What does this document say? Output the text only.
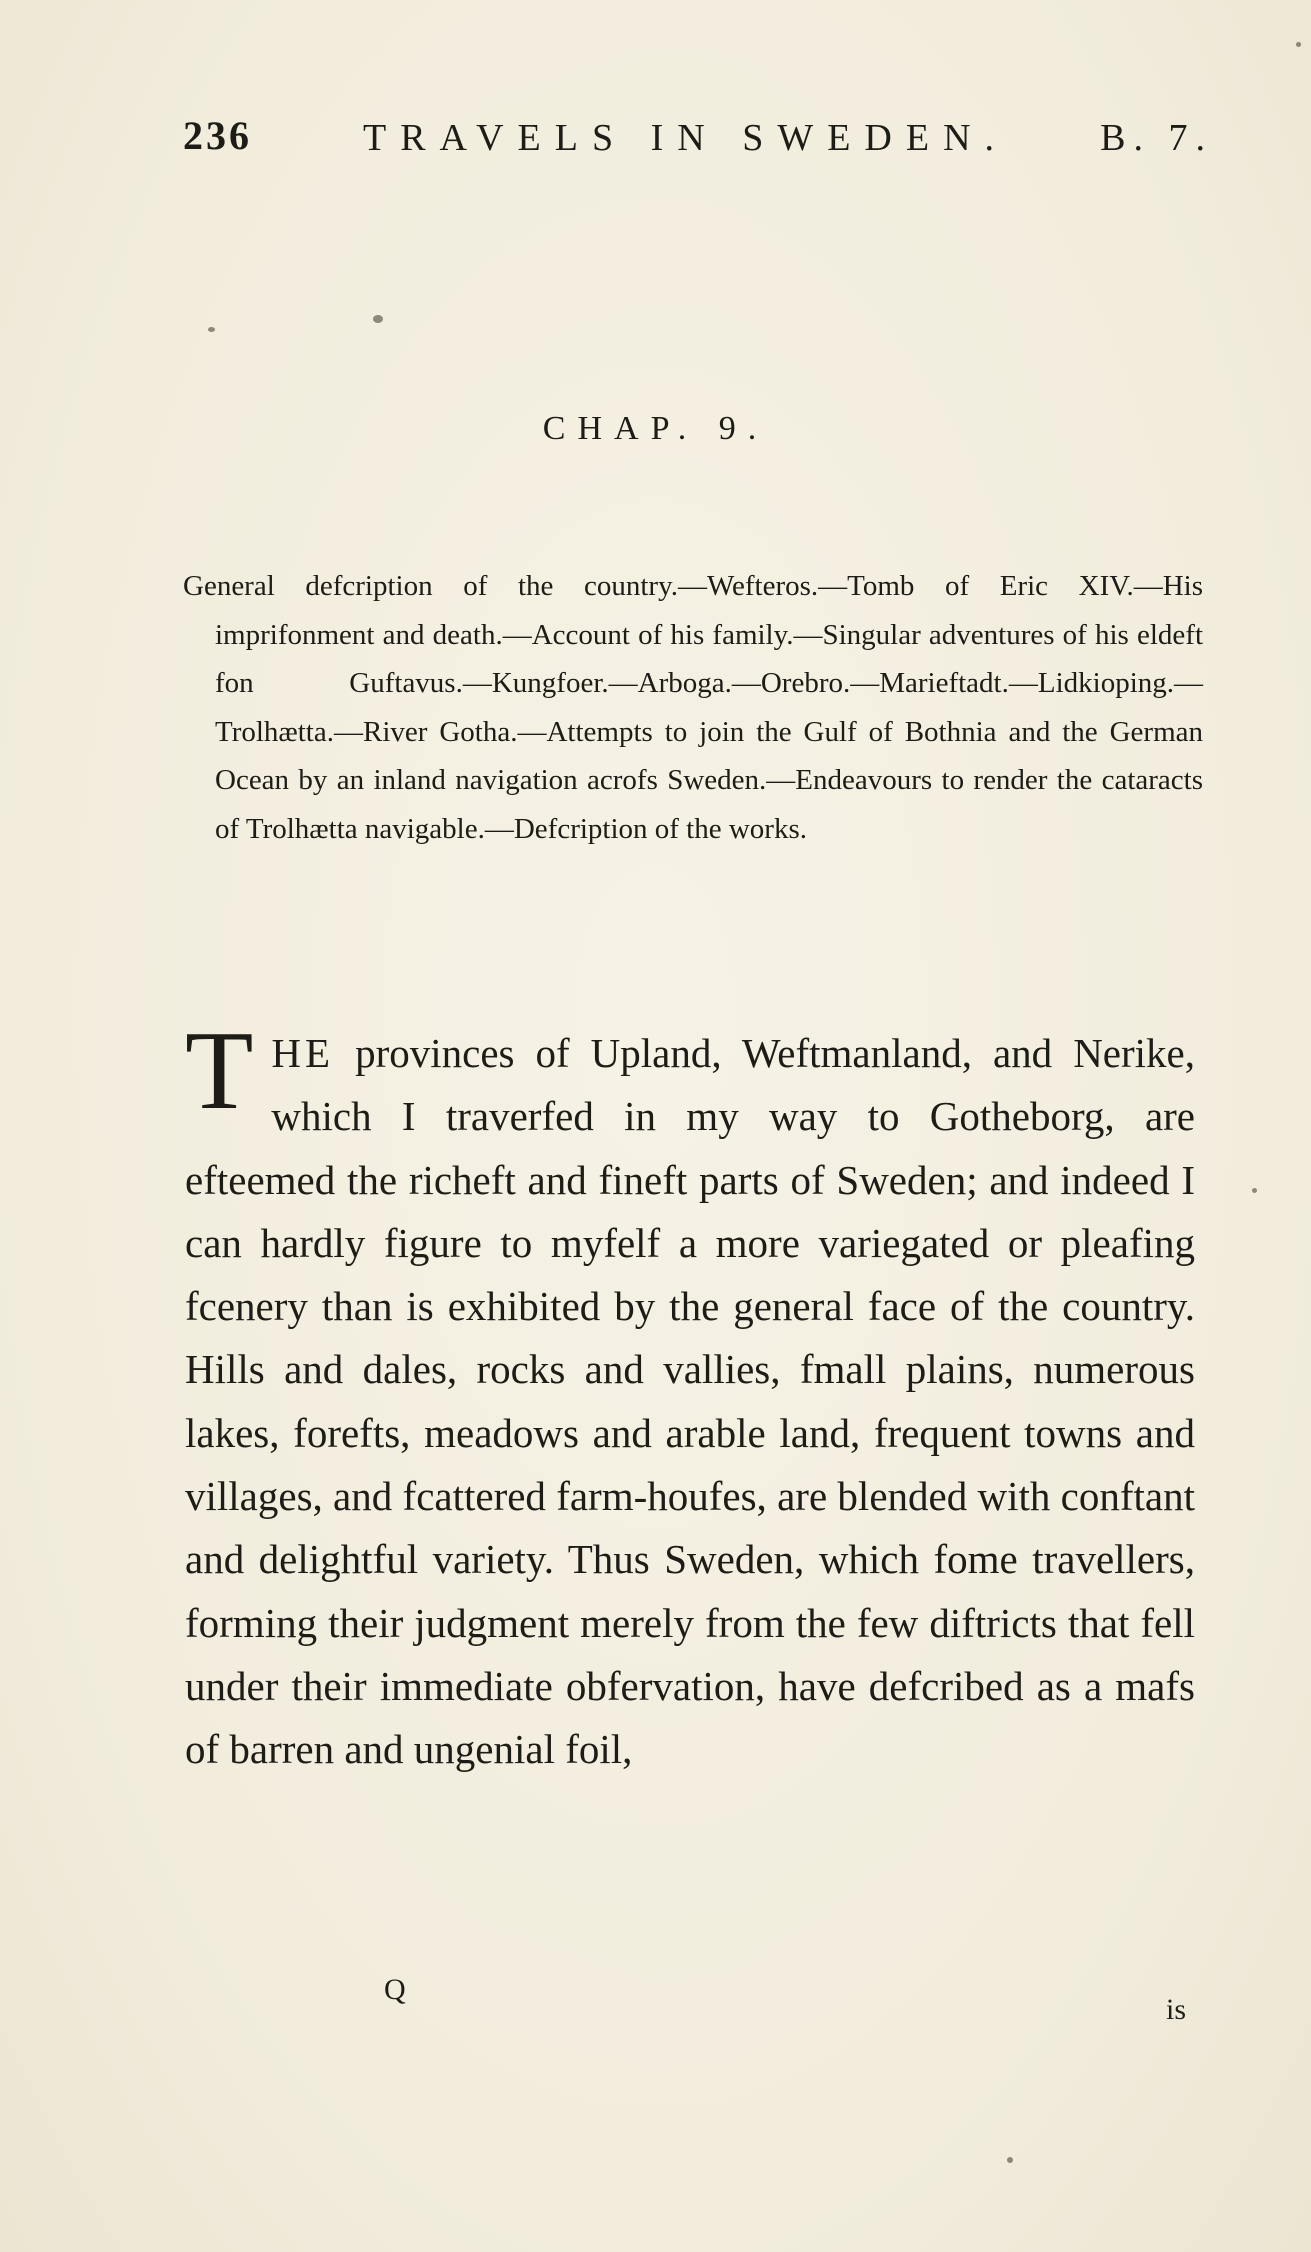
236	TRAVELS IN SWEDEN. B. 7.
CHAP. 9.
General defcription of the country.—Wefteros.—Tomb of Eric XIV.—His imprifonment and death.—Account of his family.—Singular adventures of his eldeft fon Guftavus.—Kungfoer.—Arboga.—Orebro.—Marieftadt.—Lidkioping.—Trolhætta.—River Gotha.—Attempts to join the Gulf of Bothnia and the German Ocean by an inland navigation acrofs Sweden.—Endeavours to render the cataracts of Trolhætta navigable.—Defcription of the works.
T HE provinces of Upland, Weftmanland, and Nerike, which I traverfed in my way to Gotheborg, are efteemed the richeft and fineft parts of Sweden; and indeed I can hardly figure to myfelf a more variegated or pleafing fcenery than is exhibited by the general face of the country. Hills and dales, rocks and vallies, fmall plains, numerous lakes, forefts, meadows and arable land, frequent towns and villages, and fcattered farm-houfes, are blended with conftant and delightful variety. Thus Sweden, which fome travellers, forming their judgment merely from the few diftricts that fell under their immediate obfervation, have defcribed as a mafs of barren and ungenial foil,
Q
is
